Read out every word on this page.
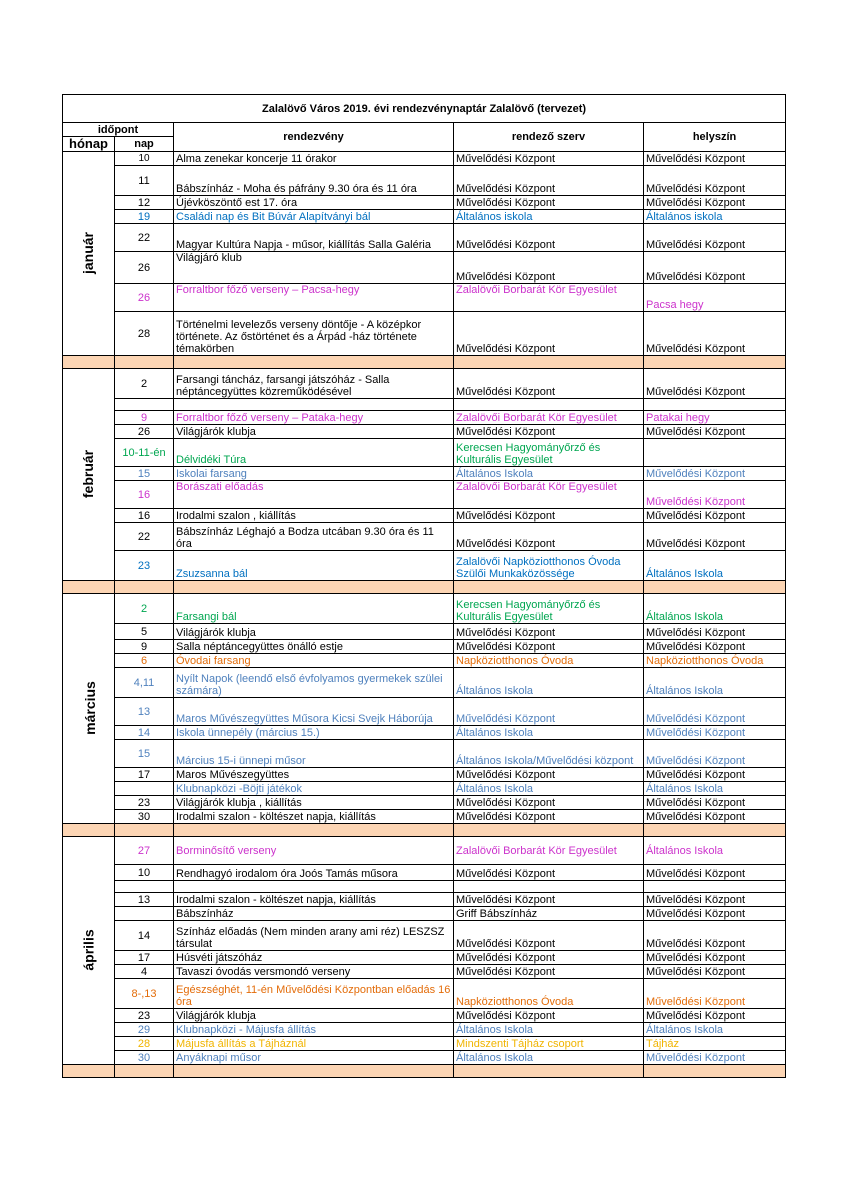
Zalalövő Város 2019. évi rendezvénynaptár Zalalövő (tervezet)				
időpont		rendezvény	rendező szerv	helyszín
hónap	nap			
január	10	Alma zenekar koncerje 11 órakor	Művelődési Központ	Művelődési Központ
	11	Bábszínház - Moha és páfrány 9.30 óra és 11 óra	Művelődési Központ	Művelődési Központ
	12	Újévköszöntő est 17. óra	Művelődési Központ	Művelődési Központ
	19	Családi nap és Bit Búvár Alapítványi bál	Általános iskola	Általános iskola
	22	Magyar Kultúra Napja - műsor, kiállítás Salla Galéria	Művelődési Központ	Művelődési Központ
	26	Világjáró klub	Művelődési Központ	Művelődési Központ
	26	Forraltbor főző verseny – Pacsa-hegy	Zalalövői Borbarát Kör Egyesület	Pacsa hegy
	28	Történelmi levelezős verseny döntője - A középkor története. Az őstörténet és a Árpád -ház története témakörben	Művelődési Központ	Művelődési Központ

február	2	Farsangi táncház, farsangi játszóház - Salla néptáncegyüttes közreműködésével	Művelődési Központ	Művelődési Központ

	9	Forraltbor főző verseny – Pataka-hegy	Zalalövői Borbarát Kör Egyesület	Patakai hegy
	26	Világjárók klubja	Művelődési Központ	Művelődési Központ
	10-11-én	Délvidéki Túra	Kerecsen Hagyományőrző és Kulturális Egyesület	
	15	Iskolai farsang	Általános Iskola	Művelődési Központ
	16	Borászati előadás	Zalalövői Borbarát Kör Egyesület	Művelődési Központ
	16	Irodalmi szalon , kiállítás	Művelődési Központ	Művelődési Központ
	22	Bábszínház Léghajó a Bodza utcában 9.30 óra és 11 óra	Művelődési Központ	Művelődési Központ
	23	Zsuzsanna bál	Zalalövői Napköziotthonos Óvoda Szülői Munkaközössége	Általános Iskola

március	2	Farsangi bál	Kerecsen Hagyományőrző és Kulturális Egyesület	Általános Iskola
	5	Világjárók klubja	Művelődési Központ	Művelődési Központ
	9	Salla néptáncegyüttes önálló estje	Művelődési Központ	Művelődési Központ
	6	Óvodai farsang	Napköziotthonos Óvoda	Napköziotthonos Óvoda
	4,11	Nyílt Napok (leendő első évfolyamos gyermekek szülei számára)	Általános Iskola	Általános Iskola
	13	Maros Művészegyüttes Műsora Kicsi Svejk Háborúja	Művelődési Központ	Művelődési Központ
	14	Iskola ünnepély (március 15.)	Általános Iskola	Művelődési Központ
	15	Március 15-i ünnepi műsor	Általános Iskola/Művelődési központ	Művelődési Központ
	17	Maros Művészegyüttes	Művelődési Központ	Művelődési Központ
		Klubnapközi -Böjti játékok	Általános Iskola	Általános Iskola
	23	Világjárók klubja , kiállítás	Művelődési Központ	Művelődési Központ
	30	Irodalmi szalon - költészet napja, kiállítás	Művelődési Központ	Művelődési Központ

április	27	Borminősítő verseny	Zalalövői Borbarát Kör Egyesület	Általános Iskola
	10	Rendhagyó irodalom óra Joós Tamás műsora	Művelődési Központ	Művelődési Központ

	13	Irodalmi szalon - költészet napja, kiállítás	Művelődési Központ	Művelődési Központ
		Bábszínház	Griff Bábszínház	Művelődési Központ
	14	Színház előadás (Nem minden arany ami réz) LESZSZ társulat	Művelődési Központ	Művelődési Központ
	17	Húsvéti játszóház	Művelődési Központ	Művelődési Központ
	4	Tavaszi óvodás versmondó verseny	Művelődési Központ	Művelődési Központ
	8-,13	Egészséghét, 11-én Művelődési Központban előadás 16 óra	Napköziotthonos Óvoda	Művelődési Központ
	23	Világjárók klubja	Művelődési Központ	Művelődési Központ
	29	Klubnapközi - Májusfa állítás	Általános Iskola	Általános Iskola
	28	Májusfa állítás a Tájháznál	Mindszenti Tájház csoport	Tájház
	30	Anyáknapi műsor	Általános Iskola	Művelődési Központ
